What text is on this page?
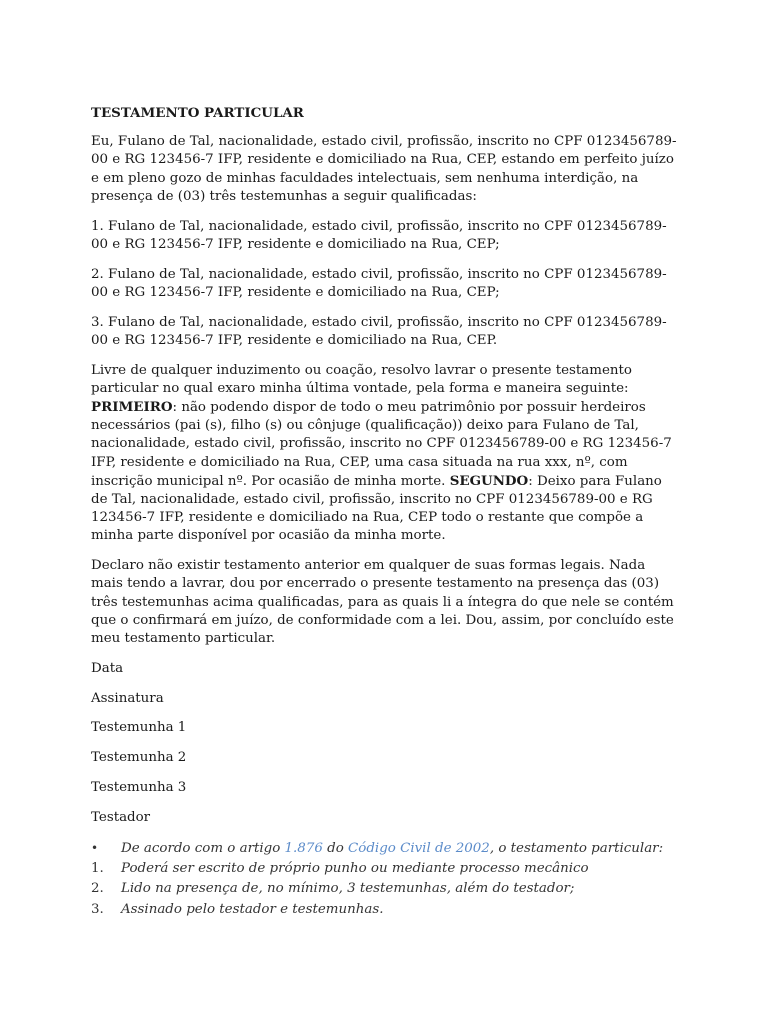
TESTAMENTO PARTICULAR

Eu, Fulano de Tal, nacionalidade, estado civil, profissão, inscrito no CPF 0123456789-00 e RG 123456-7 IFP, residente e domiciliado na Rua, CEP, estando em perfeito juízo e em pleno gozo de minhas faculdades intelectuais, sem nenhuma interdição, na presença de (03) três testemunhas a seguir qualificadas:

1. Fulano de Tal, nacionalidade, estado civil, profissão, inscrito no CPF 0123456789-00 e RG 123456-7 IFP, residente e domiciliado na Rua, CEP;

2. Fulano de Tal, nacionalidade, estado civil, profissão, inscrito no CPF 0123456789-00 e RG 123456-7 IFP, residente e domiciliado na Rua, CEP;

3. Fulano de Tal, nacionalidade, estado civil, profissão, inscrito no CPF 0123456789-00 e RG 123456-7 IFP, residente e domiciliado na Rua, CEP.

Livre de qualquer induzimento ou coação, resolvo lavrar o presente testamento particular no qual exaro minha última vontade, pela forma e maneira seguinte: PRIMEIRO: não podendo dispor de todo o meu patrimônio por possuir herdeiros necessários (pai (s), filho (s) ou cônjuge (qualificação)) deixo para Fulano de Tal, nacionalidade, estado civil, profissão, inscrito no CPF 0123456789-00 e RG 123456-7 IFP, residente e domiciliado na Rua, CEP, uma casa situada na rua xxx, nº, com inscrição municipal nº. Por ocasião de minha morte. SEGUNDO: Deixo para Fulano de Tal, nacionalidade, estado civil, profissão, inscrito no CPF 0123456789-00 e RG 123456-7 IFP, residente e domiciliado na Rua, CEP todo o restante que compõe a minha parte disponível por ocasião da minha morte.

Declaro não existir testamento anterior em qualquer de suas formas legais. Nada mais tendo a lavrar, dou por encerrado o presente testamento na presença das (03) três testemunhas acima qualificadas, para as quais li a íntegra do que nele se contém que o confirmará em juízo, de conformidade com a lei. Dou, assim, por concluído este meu testamento particular.

Data
Assinatura
Testemunha 1
Testemunha 2
Testemunha 3
Testador
•	De acordo com o artigo 1.876 do Código Civil de 2002, o testamento particular:
1.	Poderá ser escrito de próprio punho ou mediante processo mecânico
2.	Lido na presença de, no mínimo, 3 testemunhas, além do testador;
3.	Assinado pelo testador e testemunhas.
